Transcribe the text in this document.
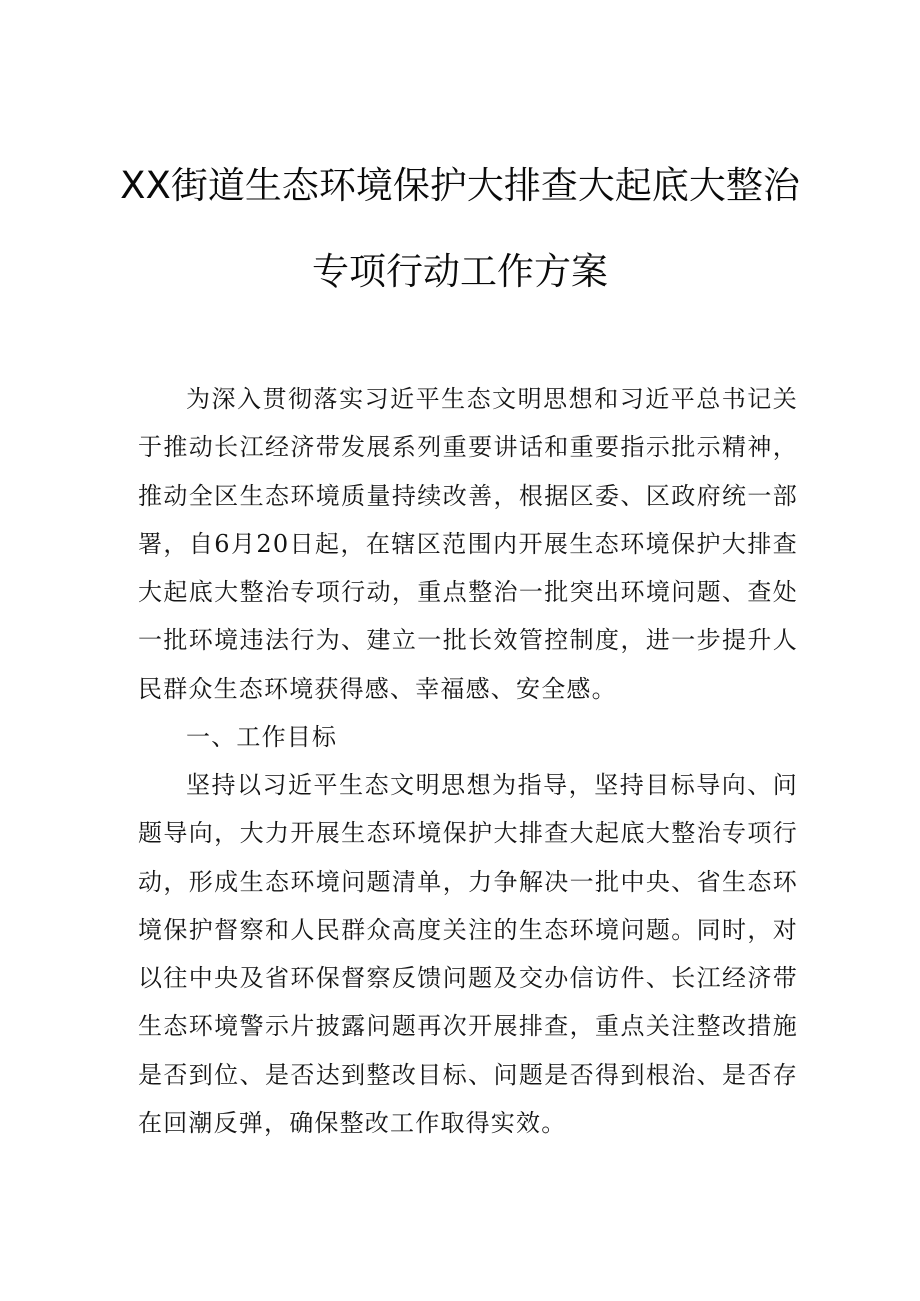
XX街道生态环境保护大排查大起底大整治
专项行动工作方案

为深入贯彻落实习近平生态文明思想和习近平总书记关于推动长江经济带发展系列重要讲话和重要指示批示精神，推动全区生态环境质量持续改善，根据区委、区政府统一部署，自6月20日起，在辖区范围内开展生态环境保护大排查大起底大整治专项行动，重点整治一批突出环境问题、查处一批环境违法行为、建立一批长效管控制度，进一步提升人民群众生态环境获得感、幸福感、安全感。

一、工作目标

坚持以习近平生态文明思想为指导，坚持目标导向、问题导向，大力开展生态环境保护大排查大起底大整治专项行动，形成生态环境问题清单，力争解决一批中央、省生态环境保护督察和人民群众高度关注的生态环境问题。同时，对以往中央及省环保督察反馈问题及交办信访件、长江经济带生态环境警示片披露问题再次开展排查，重点关注整改措施是否到位、是否达到整改目标、问题是否得到根治、是否存在回潮反弹，确保整改工作取得实效。
